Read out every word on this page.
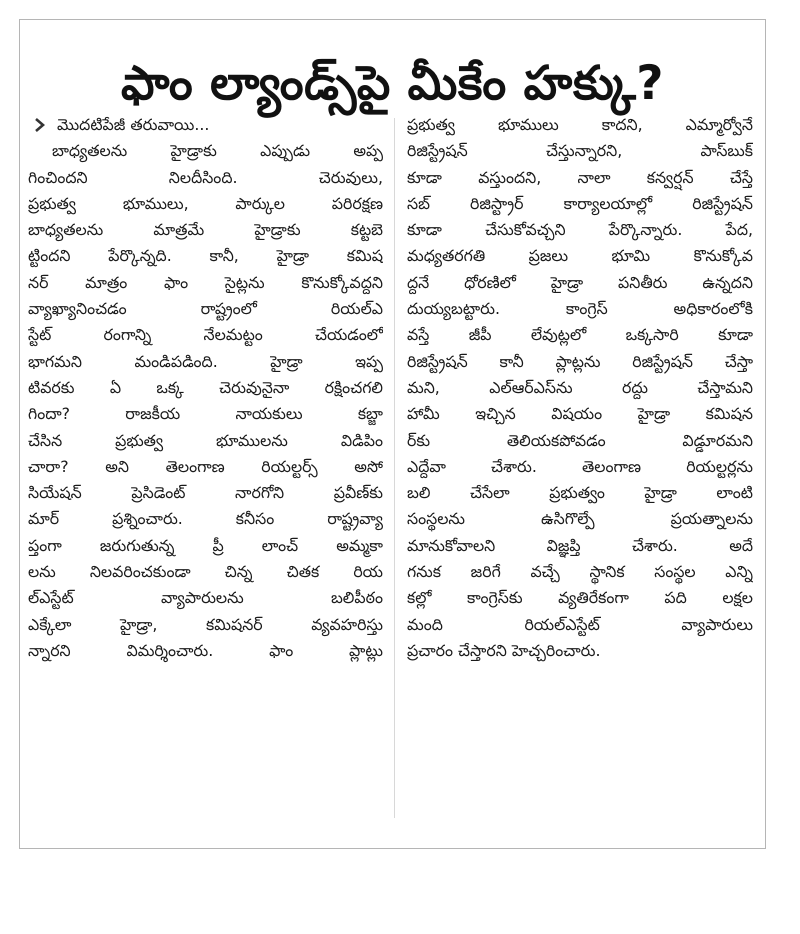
ఫాం ల్యాండ్స్‌పై మీకేం హక్కు?
మొదటిపేజీ తరువాయి...
బాధ్యతలను హైడ్రాకు ఎప్పుడు అప్ప
గించిందని నిలదీసింది. చెరువులు,
ప్రభుత్వ భూములు, పార్కుల పరిరక్షణ
బాధ్యతలను మాత్రమే హైడ్రాకు కట్టబె
ట్టిందని పేర్కొన్నది. కానీ, హైడ్రా కమిష
నర్‌ మాత్రం ఫాం సైట్లను కొనుక్కోవద్దని
వ్యాఖ్యానించడం రాష్ట్రంలో రియల్‌ఎ
స్టేట్‌ రంగాన్ని నేలమట్టం చేయడంలో
భాగమని మండిపడింది. హైడ్రా ఇప్ప
టివరకు ఏ ఒక్క చెరువునైనా రక్షించగలి
గిందా? రాజకీయ నాయకులు కబ్జా
చేసిన ప్రభుత్వ భూములను విడిపిం
చారా? అని తెలంగాణ రియల్టర్స్‌ అసో
సియేషన్‌ ప్రెసిడెంట్‌ నారగోని ప్రవీణ్‌కు
మార్‌ ప్రశ్నించారు. కనీసం రాష్ట్రవ్యా
ప్తంగా జరుగుతున్న ప్రీ లాంచ్‌ అమ్మకా
లను నిలవరించకుండా చిన్న చితక రియ
ల్‌ఎస్టేట్‌ వ్యాపారులను బలిపీఠం
ఎక్కేలా హైడ్రా, కమిషనర్‌ వ్యవహరిస్తు
న్నారని విమర్శించారు. ఫాం ప్లాట్లు
ప్రభుత్వ భూములు కాదని, ఎమ్మార్వోనే
రిజిస్ట్రేషన్‌ చేస్తున్నారని, పాస్‌బుక్‌
కూడా వస్తుందని, నాలా కన్వర్షన్‌ చేస్తే
సబ్‌ రిజిస్ట్రార్‌ కార్యాలయాల్లో రిజిస్ట్రేషన్‌
కూడా చేసుకోవచ్చని పేర్కొన్నారు. పేద,
మధ్యతరగతి ప్రజలు భూమి కొనుక్కోవ
ద్దనే ధోరణిలో హైడ్రా పనితీరు ఉన్నదని
దుయ్యబట్టారు. కాంగ్రెస్‌ అధికారంలోకి
వస్తే జీపీ లేవుట్లలో ఒక్కసారి కూడా
రిజిస్ట్రేషన్‌ కానీ ప్లాట్లను రిజిస్ట్రేషన్‌ చేస్తా
మని, ఎల్‌ఆర్‌ఎస్‌ను రద్దు చేస్తామని
హామీ ఇచ్చిన విషయం హైడ్రా కమిషన
ర్‌కు తెలియకపోవడం విడ్డూరమని
ఎద్దేవా చేశారు. తెలంగాణ రియల్టర్లను
బలి చేసేలా ప్రభుత్వం హైడ్రా లాంటి
సంస్థలను ఉసిగొల్పే ప్రయత్నాలను
మానుకోవాలని విజ్ఞప్తి చేశారు. అదే
గనుక జరిగే వచ్చే స్థానిక సంస్థల ఎన్ని
కల్లో కాంగ్రెస్‌కు వ్యతిరేకంగా పది లక్షల
మంది రియల్‌ఎస్టేట్‌ వ్యాపారులు
ప్రచారం చేస్తారని హెచ్చరించారు.
